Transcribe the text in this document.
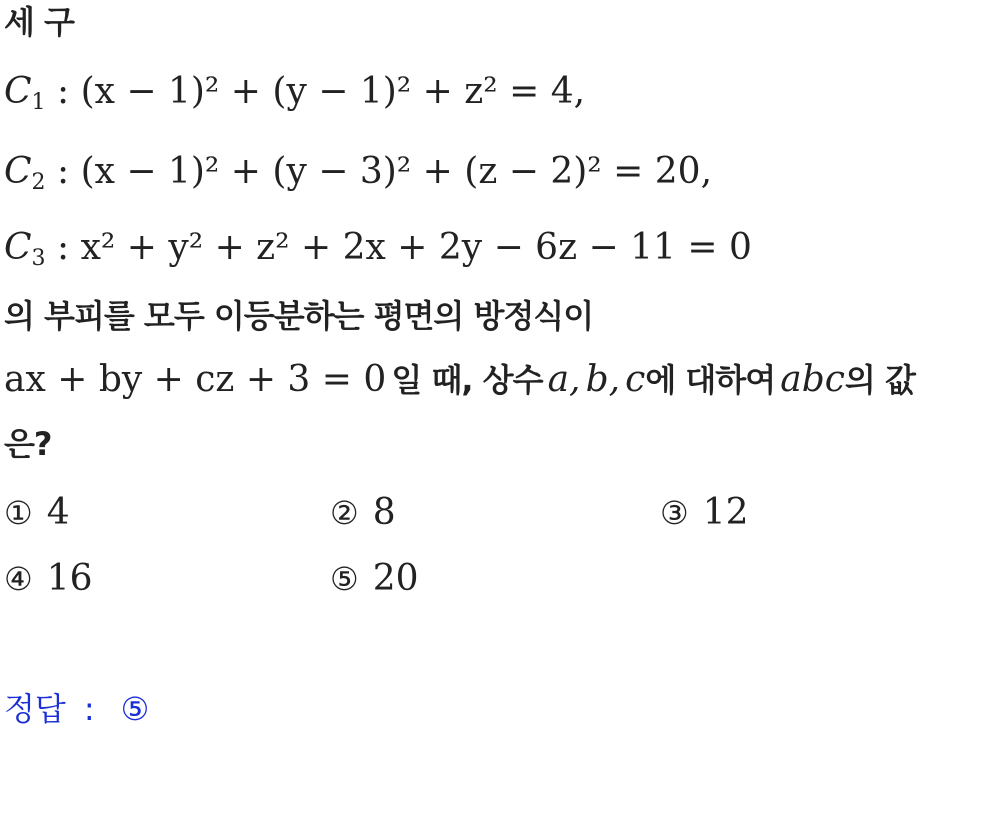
세 구
$C_1$ : (x − 1)² + (y − 1)² + z² = 4,
$C_2$ : (x − 1)² + (y − 3)² + (z − 2)² = 20,
$C_3$ : x² + y² + z² + 2x + 2y − 6z − 11 = 0
의 부피를 모두 이등분하는 평면의 방정식이
ax + by + cz + 3 = 0 일 때, 상수 a, b, c에 대하여 abc의 값
은?
① 4	② 8	③ 12
④ 16	⑤ 20
정답 : ⑤
